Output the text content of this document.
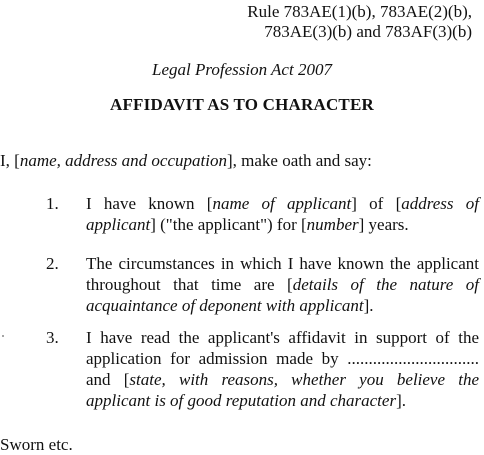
Rule 783AE(1)(b), 783AE(2)(b),
783AE(3)(b) and 783AF(3)(b)
Legal Profession Act 2007
AFFIDAVIT AS TO CHARACTER
I, [name, address and occupation], make oath and say:
1.	I have known [name of applicant] of [address of applicant] ("the applicant") for [number] years.
2.	The circumstances in which I have known the applicant throughout that time are [details of the nature of acquaintance of deponent with applicant].
3.	I have read the applicant's affidavit in support of the application for admission made by ............................... and [state, with reasons, whether you believe the applicant is of good reputation and character].
Sworn etc.
